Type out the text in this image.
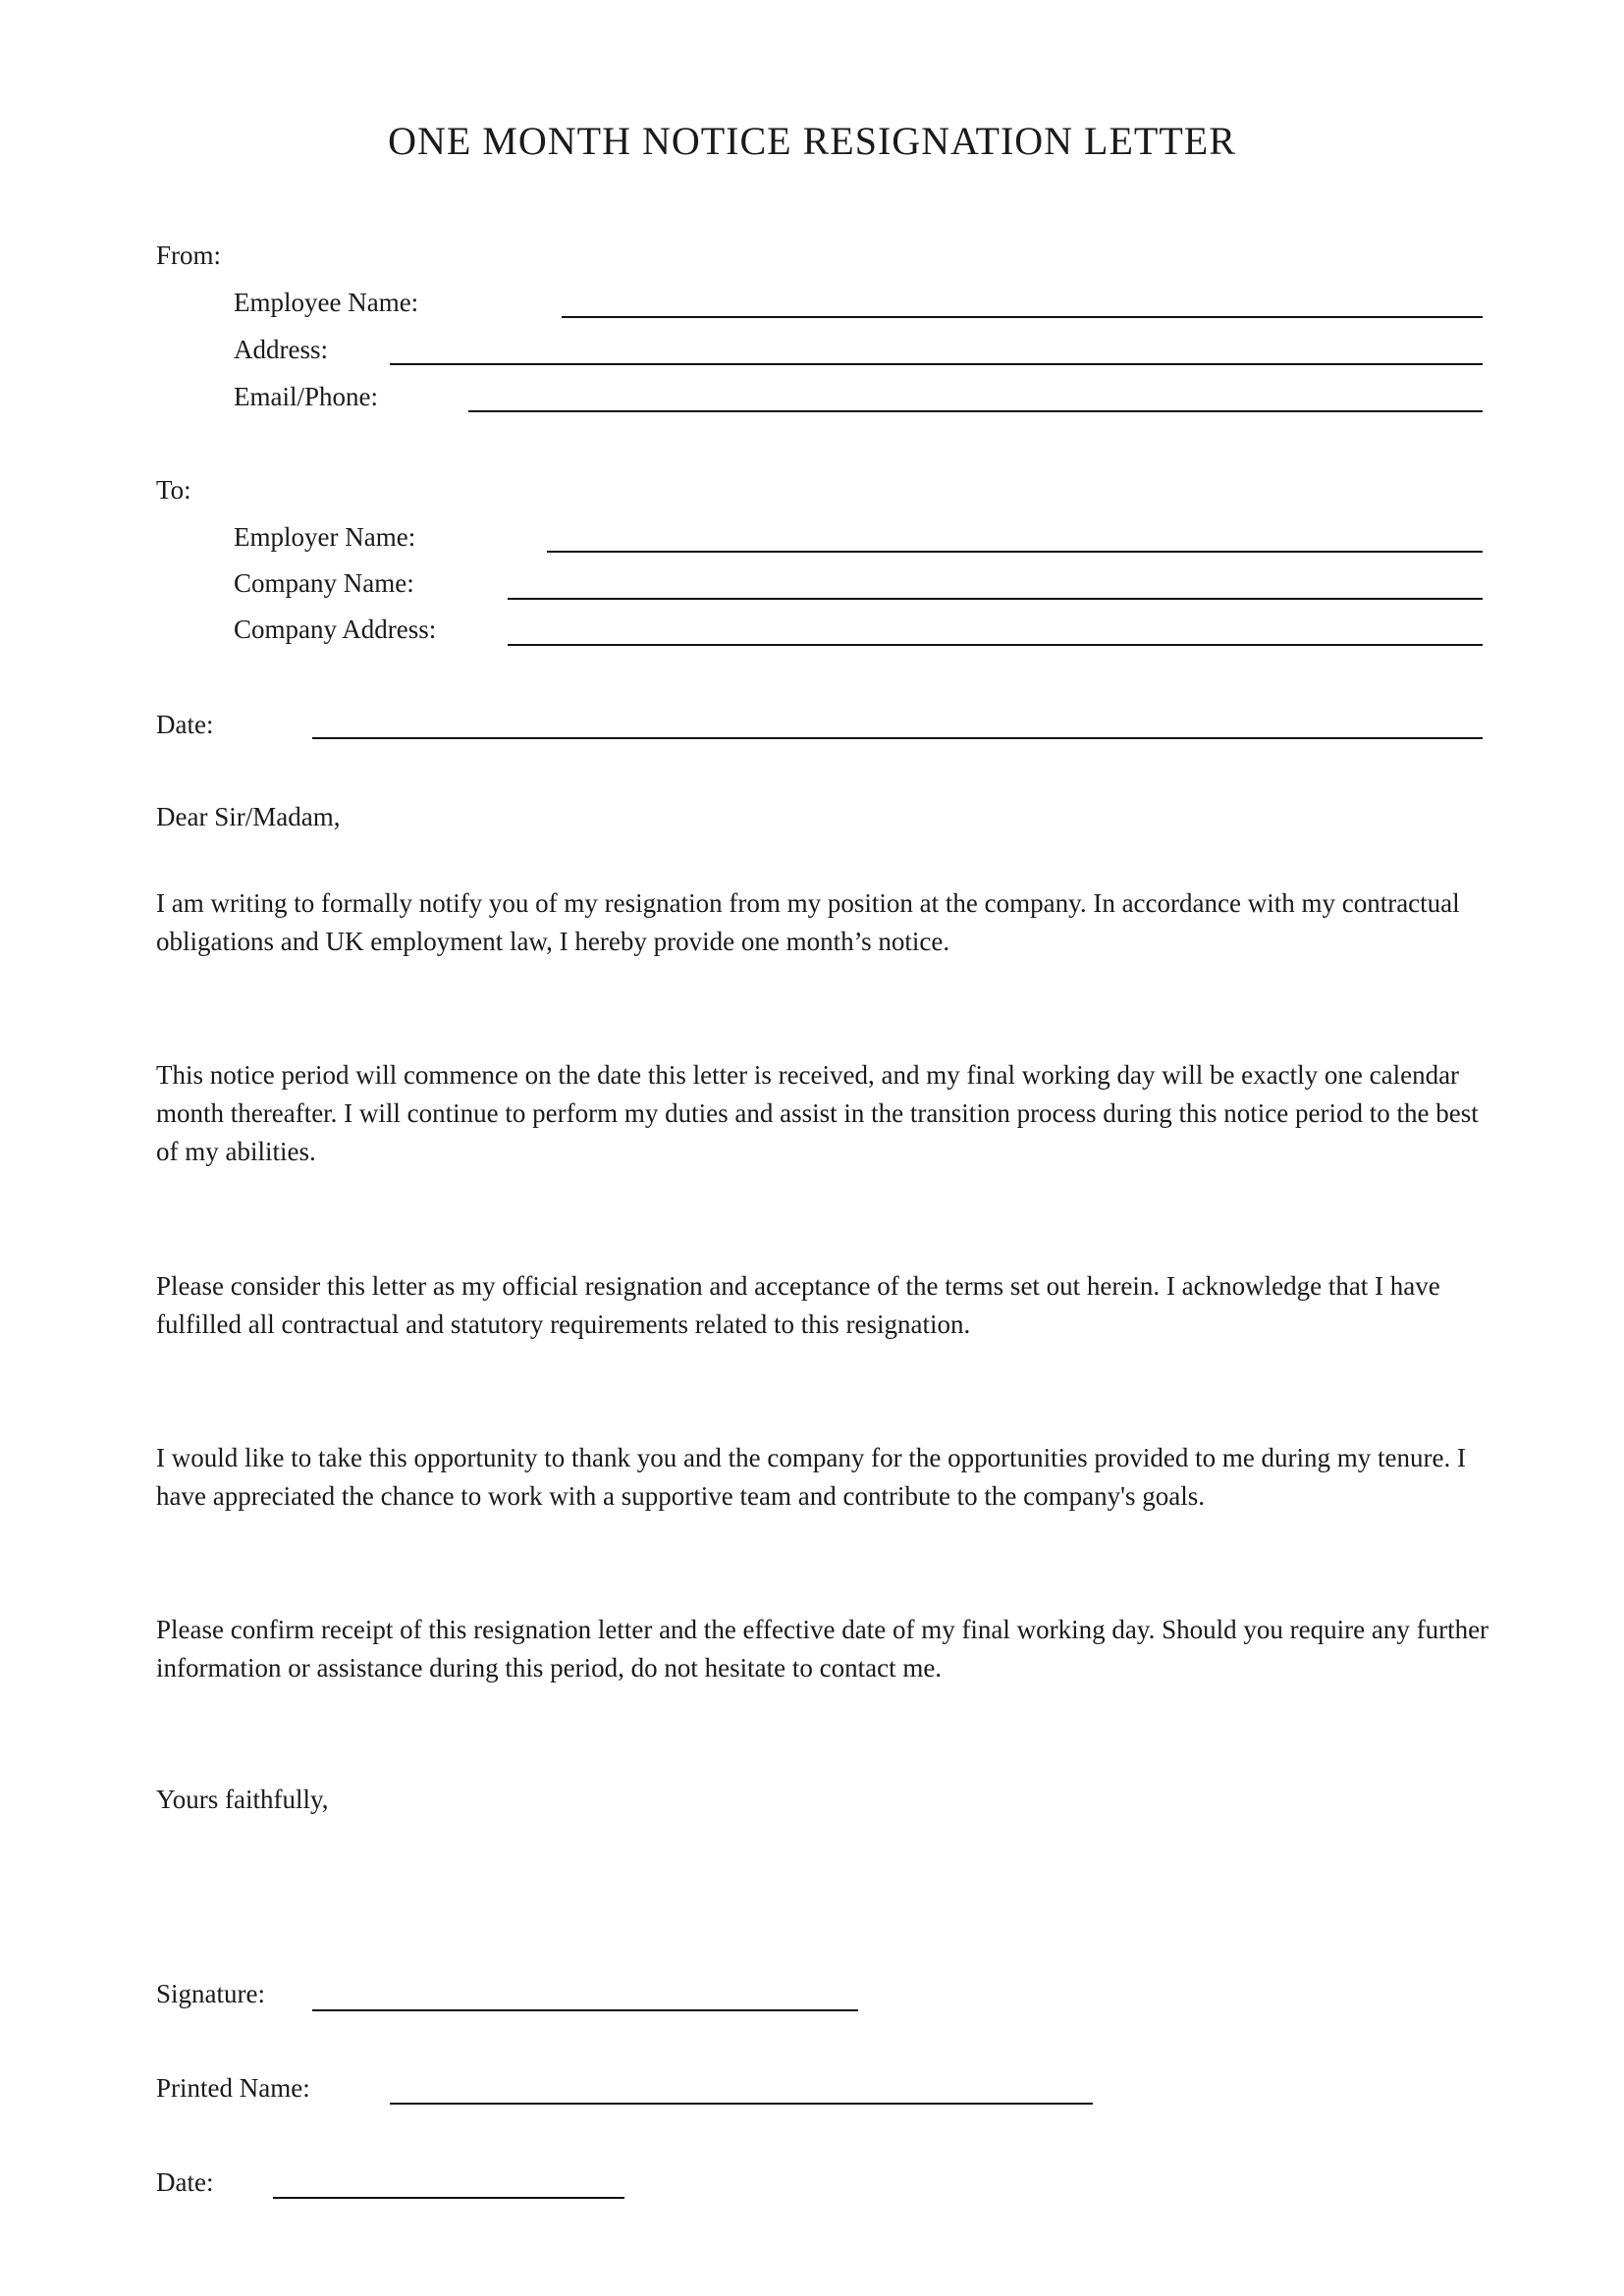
ONE MONTH NOTICE RESIGNATION LETTER
From:
Employee Name:
Address:
Email/Phone:
To:
Employer Name:
Company Name:
Company Address:
Date:
Dear Sir/Madam,
I am writing to formally notify you of my resignation from my position at the company. In accordance with my contractual obligations and UK employment law, I hereby provide one month’s notice.
This notice period will commence on the date this letter is received, and my final working day will be exactly one calendar month thereafter. I will continue to perform my duties and assist in the transition process during this notice period to the best of my abilities.
Please consider this letter as my official resignation and acceptance of the terms set out herein. I acknowledge that I have fulfilled all contractual and statutory requirements related to this resignation.
I would like to take this opportunity to thank you and the company for the opportunities provided to me during my tenure. I have appreciated the chance to work with a supportive team and contribute to the company's goals.
Please confirm receipt of this resignation letter and the effective date of my final working day. Should you require any further information or assistance during this period, do not hesitate to contact me.
Yours faithfully,
Signature:
Printed Name:
Date:
